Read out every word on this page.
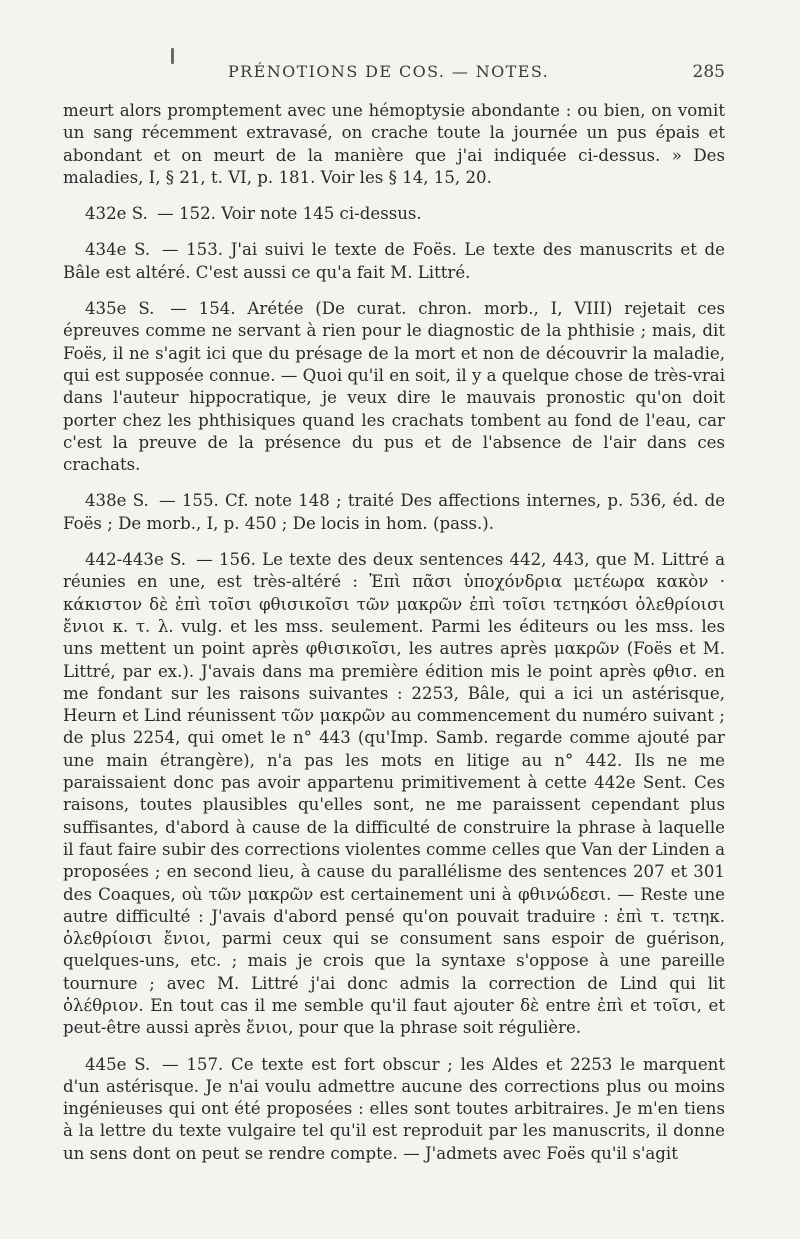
PRÉNOTIONS DE COS. — NOTES.	285

meurt alors promptement avec une hémoptysie abondante : ou bien, on vomit un sang récemment extravasé, on crache toute la journée un pus épais et abondant et on meurt de la manière que j'ai indiquée ci-dessus. » Des maladies, I, § 21, t. VI, p. 181. Voir les § 14, 15, 20.

432e S. — 152. Voir note 145 ci-dessus.

434e S. — 153. J'ai suivi le texte de Foës. Le texte des manuscrits et de Bâle est altéré. C'est aussi ce qu'a fait M. Littré.

435e S. — 154. Arétée (De curat. chron. morb., I, VIII) rejetait ces épreuves comme ne servant à rien pour le diagnostic de la phthisie ; mais, dit Foës, il ne s'agit ici que du présage de la mort et non de découvrir la maladie, qui est supposée connue. — Quoi qu'il en soit, il y a quelque chose de très-vrai dans l'auteur hippocratique, je veux dire le mauvais pronostic qu'on doit porter chez les phthisiques quand les crachats tombent au fond de l'eau, car c'est la preuve de la présence du pus et de l'absence de l'air dans ces crachats.

438e S. — 155. Cf. note 148 ; traité Des affections internes, p. 536, éd. de Foës ; De morb., I, p. 450 ; De locis in hom. (pass.).

442-443e S. — 156. Le texte des deux sentences 442, 443, que M. Littré a réunies en une, est très-altéré : Ἐπὶ πᾶσι ὑποχόνδρια μετέωρα κακὸν · κάκιστον δὲ ἐπὶ τοῖσι φθισικοῖσι τῶν μακρῶν ἐπὶ τοῖσι τετηκόσι ὀλεθρίοισι ἔνιοι κ. τ. λ. vulg. et les mss. seulement. Parmi les éditeurs ou les mss. les uns mettent un point après φθισικοῖσι, les autres après μακρῶν (Foës et M. Littré, par ex.). J'avais dans ma première édition mis le point après φθισ. en me fondant sur les raisons suivantes : 2253, Bâle, qui a ici un astérisque, Heurn et Lind réunissent τῶν μακρῶν au commencement du numéro suivant ; de plus 2254, qui omet le n° 443 (qu'Imp. Samb. regarde comme ajouté par une main étrangère), n'a pas les mots en litige au n° 442. Ils ne me paraissaient donc pas avoir appartenu primitivement à cette 442e Sent. Ces raisons, toutes plausibles qu'elles sont, ne me paraissent cependant plus suffisantes, d'abord à cause de la difficulté de construire la phrase à laquelle il faut faire subir des corrections violentes comme celles que Van der Linden a proposées ; en second lieu, à cause du parallélisme des sentences 207 et 301 des Coaques, où τῶν μακρῶν est certainement uni à φθινώδεσι. — Reste une autre difficulté : J'avais d'abord pensé qu'on pouvait traduire : ἐπὶ τ. τετηκ. ὀλεθρίοισι ἔνιοι, parmi ceux qui se consument sans espoir de guérison, quelques-uns, etc. ; mais je crois que la syntaxe s'oppose à une pareille tournure ; avec M. Littré j'ai donc admis la correction de Lind qui lit ὀλέθριον. En tout cas il me semble qu'il faut ajouter δὲ entre ἐπὶ et τοῖσι, et peut-être aussi après ἔνιοι, pour que la phrase soit régulière.

445e S. — 157. Ce texte est fort obscur ; les Aldes et 2253 le marquent d'un astérisque. Je n'ai voulu admettre aucune des corrections plus ou moins ingénieuses qui ont été proposées : elles sont toutes arbitraires. Je m'en tiens à la lettre du texte vulgaire tel qu'il est reproduit par les manuscrits, il donne un sens dont on peut se rendre compte. — J'admets avec Foës qu'il s'agit
